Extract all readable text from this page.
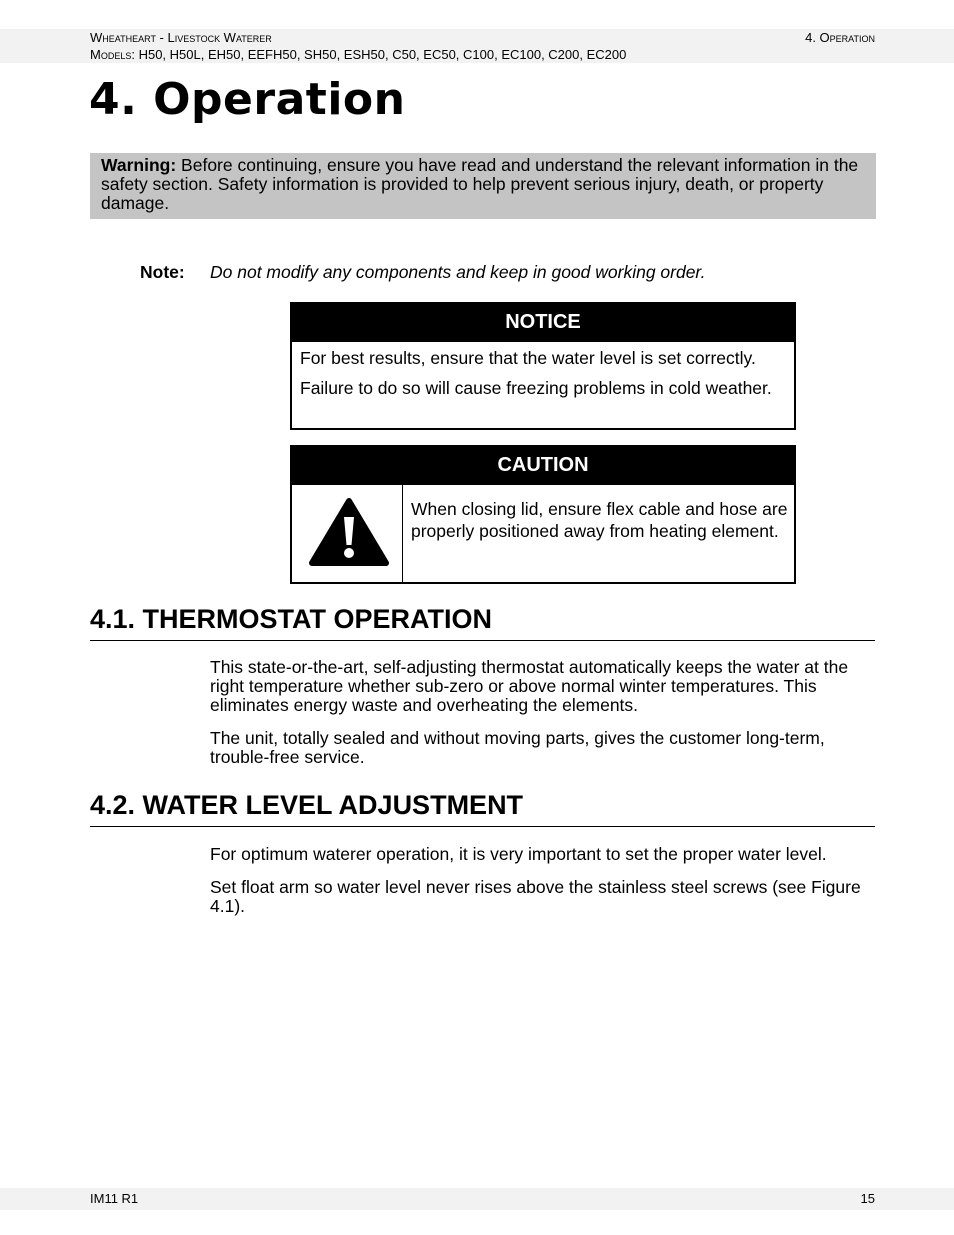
Wheatheart - Livestock Waterer
Models: H50, H50L, EH50, EEFH50, SH50, ESH50, C50, EC50, C100, EC100, C200, EC200
4. Operation
4. Operation
Warning: Before continuing, ensure you have read and understand the relevant information in the safety section. Safety information is provided to help prevent serious injury, death, or property damage.
Note: Do not modify any components and keep in good working order.
NOTICE

For best results, ensure that the water level is set correctly.

Failure to do so will cause freezing problems in cold weather.

CAUTION
When closing lid, ensure flex cable and hose are properly positioned away from heating element.
4.1. THERMOSTAT OPERATION

This state-or-the-art, self-adjusting thermostat automatically keeps the water at the right temperature whether sub-zero or above normal winter temperatures. This eliminates energy waste and overheating the elements.

The unit, totally sealed and without moving parts, gives the customer long-term, trouble-free service.

4.2. WATER LEVEL ADJUSTMENT

For optimum waterer operation, it is very important to set the proper water level.

Set float arm so water level never rises above the stainless steel screws (see Figure 4.1).

IM11 R1	15
